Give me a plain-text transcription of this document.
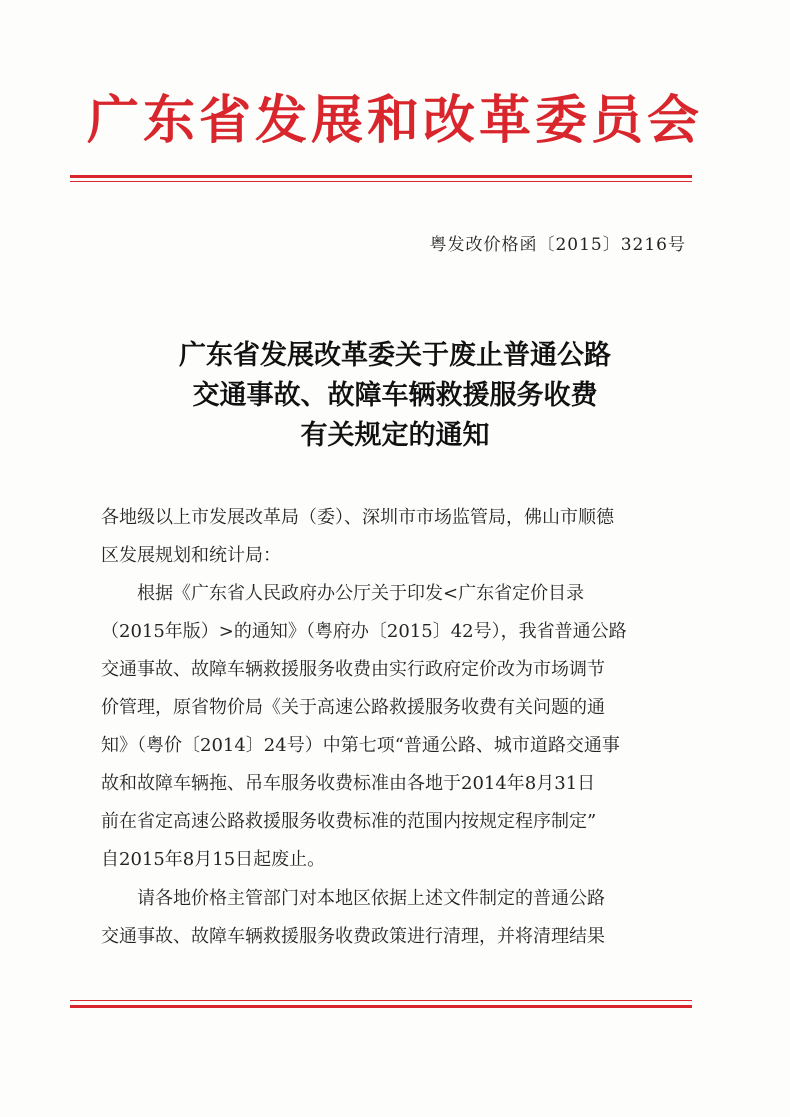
广东省发展和改革委员会
粤发改价格函〔2015〕3216号
广东省发展改革委关于废止普通公路
交通事故、故障车辆救援服务收费
有关规定的通知
各地级以上市发展改革局（委）、深圳市市场监管局，佛山市顺德
区发展规划和统计局：
　　根据《广东省人民政府办公厅关于印发<广东省定价目录
（2015年版）>的通知》（粤府办〔2015〕42号），我省普通公路
交通事故、故障车辆救援服务收费由实行政府定价改为市场调节
价管理，原省物价局《关于高速公路救援服务收费有关问题的通
知》（粤价〔2014〕24号）中第七项“普通公路、城市道路交通事
故和故障车辆拖、吊车服务收费标准由各地于2014年8月31日
前在省定高速公路救援服务收费标准的范围内按规定程序制定”
自2015年8月15日起废止。
　　请各地价格主管部门对本地区依据上述文件制定的普通公路
交通事故、故障车辆救援服务收费政策进行清理，并将清理结果
